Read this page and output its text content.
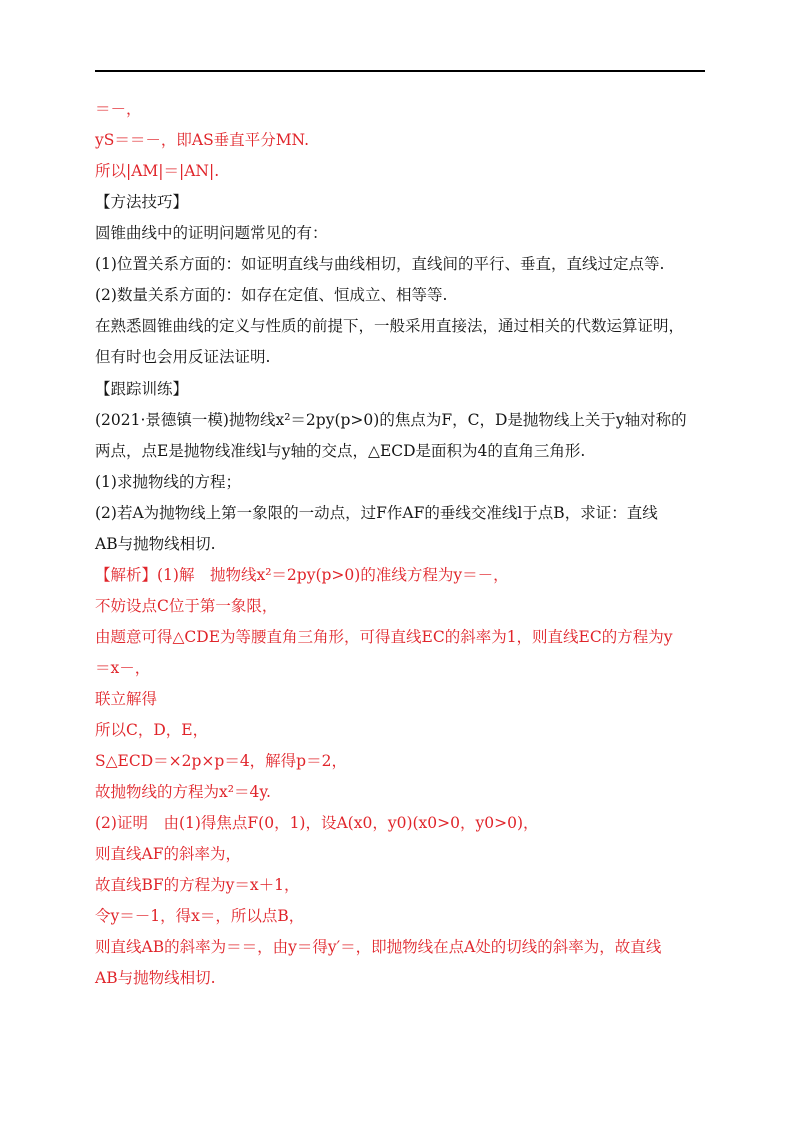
＝－，
yS＝＝－，即AS垂直平分MN.
所以|AM|＝|AN|.
【方法技巧】
圆锥曲线中的证明问题常见的有：
(1)位置关系方面的：如证明直线与曲线相切，直线间的平行、垂直，直线过定点等.
(2)数量关系方面的：如存在定值、恒成立、相等等.
在熟悉圆锥曲线的定义与性质的前提下，一般采用直接法，通过相关的代数运算证明，
但有时也会用反证法证明.
【跟踪训练】
(2021·景德镇一模)抛物线x²＝2py(p>0)的焦点为F，C，D是抛物线上关于y轴对称的
两点，点E是抛物线准线l与y轴的交点，△ECD是面积为4的直角三角形.
(1)求抛物线的方程；
(2)若A为抛物线上第一象限的一动点，过F作AF的垂线交准线l于点B，求证：直线
AB与抛物线相切.
【解析】(1)解　抛物线x²＝2py(p>0)的准线方程为y＝－，
不妨设点C位于第一象限，
由题意可得△CDE为等腰直角三角形，可得直线EC的斜率为1，则直线EC的方程为y
＝x－，
联立解得
所以C，D，E，
S△ECD＝×2p×p＝4，解得p＝2，
故抛物线的方程为x²＝4y.
(2)证明　由(1)得焦点F(0，1)，设A(x0，y0)(x0>0，y0>0)，
则直线AF的斜率为，
故直线BF的方程为y＝x＋1，
令y＝－1，得x＝，所以点B，
则直线AB的斜率为＝＝，由y＝得y′＝，即抛物线在点A处的切线的斜率为，故直线
AB与抛物线相切.
